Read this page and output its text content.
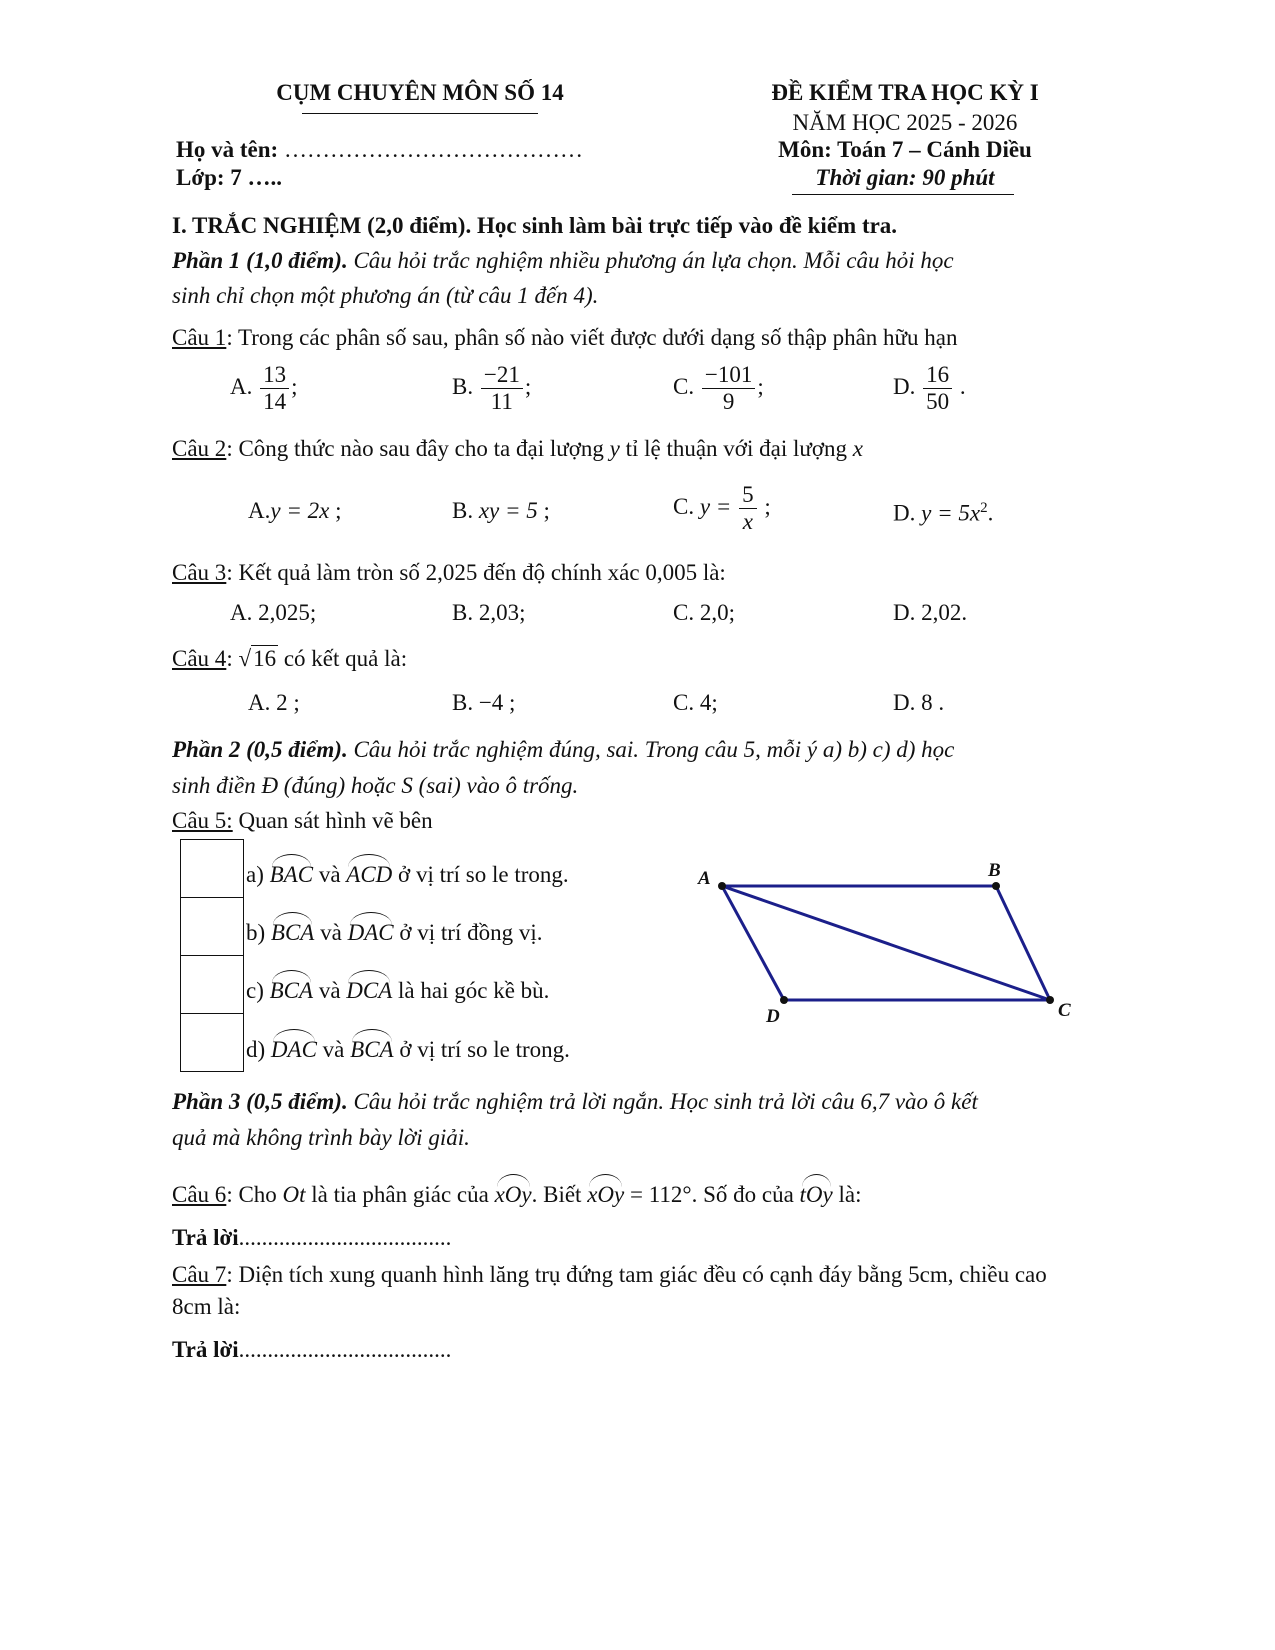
CỤM CHUYÊN MÔN SỐ 14	ĐỀ KIỂM TRA HỌC KỲ I
NĂM HỌC 2025 - 2026
Họ và tên: …………………………………	Môn: Toán 7 – Cánh Diều
Lớp: 7 …..	Thời gian: 90 phút
I. TRẮC NGHIỆM (2,0 điểm). Học sinh làm bài trực tiếp vào đề kiểm tra.
Phần 1 (1,0 điểm). Câu hỏi trắc nghiệm nhiều phương án lựa chọn. Mỗi câu hỏi học
sinh chỉ chọn một phương án (từ câu 1 đến 4).
Câu 1: Trong các phân số sau, phân số nào viết được dưới dạng số thập phân hữu hạn
A. $\frac{13}{14}$ ;	B. $\frac{-21}{11}$ ;	C. $\frac{-101}{9}$ ;	D. $\frac{16}{50}$ .
Câu 2: Công thức nào sau đây cho ta đại lượng y tỉ lệ thuận với đại lượng x
A.y = 2x ;	B. xy = 5 ;	C. $y = \frac{5}{x}$ ;	D. $y = 5x^2$.
Câu 3: Kết quả làm tròn số 2,025 đến độ chính xác 0,005 là:
A. 2,025;	B. 2,03;	C. 2,0;	D. 2,02.
Câu 4: √16 có kết quả là:
A. 2 ;	B. −4 ;	C. 4;	D. 8 .
Phần 2 (0,5 điểm). Câu hỏi trắc nghiệm đúng, sai. Trong câu 5, mỗi ý a) b) c) d) học
sinh điền Đ (đúng) hoặc S (sai) vào ô trống.
Câu 5: Quan sát hình vẽ bên
a) BAC và ACD ở vị trí so le trong.
b) BCA và DAC ở vị trí đồng vị.
c) BCA và DCA là hai góc kề bù.
d) DAC và BCA ở vị trí so le trong.
A	B
C
D
Phần 3 (0,5 điểm). Câu hỏi trắc nghiệm trả lời ngắn. Học sinh trả lời câu 6,7 vào ô kết
quả mà không trình bày lời giải.
Câu 6: Cho Ot là tia phân giác của xOy. Biết xOy = 112°. Số đo của tOy là:
Trả lời.....................................
Câu 7: Diện tích xung quanh hình lăng trụ đứng tam giác đều có cạnh đáy bằng 5cm, chiều cao
8cm là:
Trả lời.....................................
